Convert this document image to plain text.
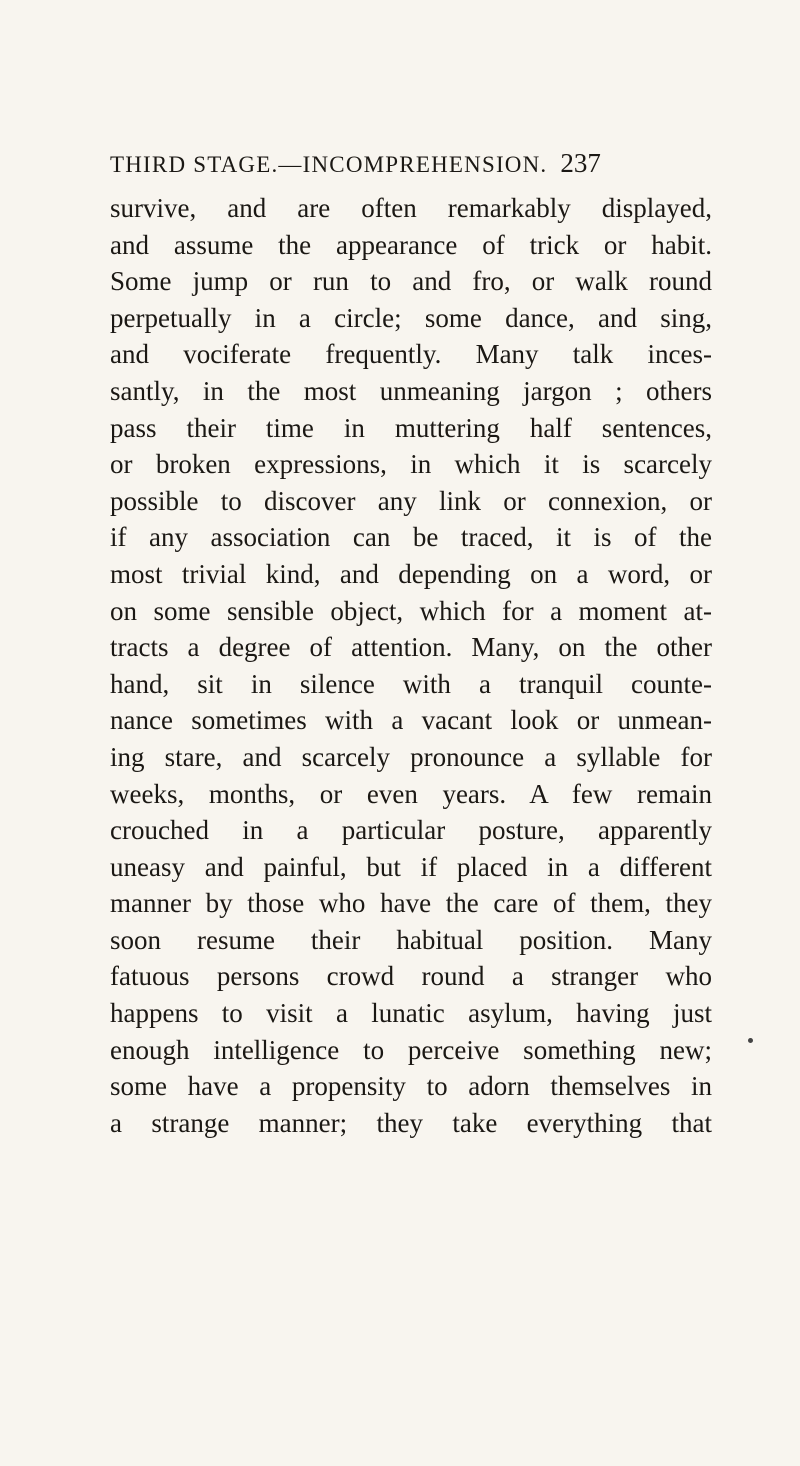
THIRD STAGE.—INCOMPREHENSION. 237
survive, and are often remarkably displayed,
and assume the appearance of trick or habit.
Some jump or run to and fro, or walk round
perpetually in a circle; some dance, and sing,
and vociferate frequently. Many talk inces-
santly, in the most unmeaning jargon ; others
pass their time in muttering half sentences,
or broken expressions, in which it is scarcely
possible to discover any link or connexion, or
if any association can be traced, it is of the
most trivial kind, and depending on a word, or
on some sensible object, which for a moment at-
tracts a degree of attention. Many, on the other
hand, sit in silence with a tranquil counte-
nance sometimes with a vacant look or unmean-
ing stare, and scarcely pronounce a syllable for
weeks, months, or even years. A few remain
crouched in a particular posture, apparently
uneasy and painful, but if placed in a different
manner by those who have the care of them, they
soon resume their habitual position. Many
fatuous persons crowd round a stranger who
happens to visit a lunatic asylum, having just
enough intelligence to perceive something new;
some have a propensity to adorn themselves in
a strange manner; they take everything that
